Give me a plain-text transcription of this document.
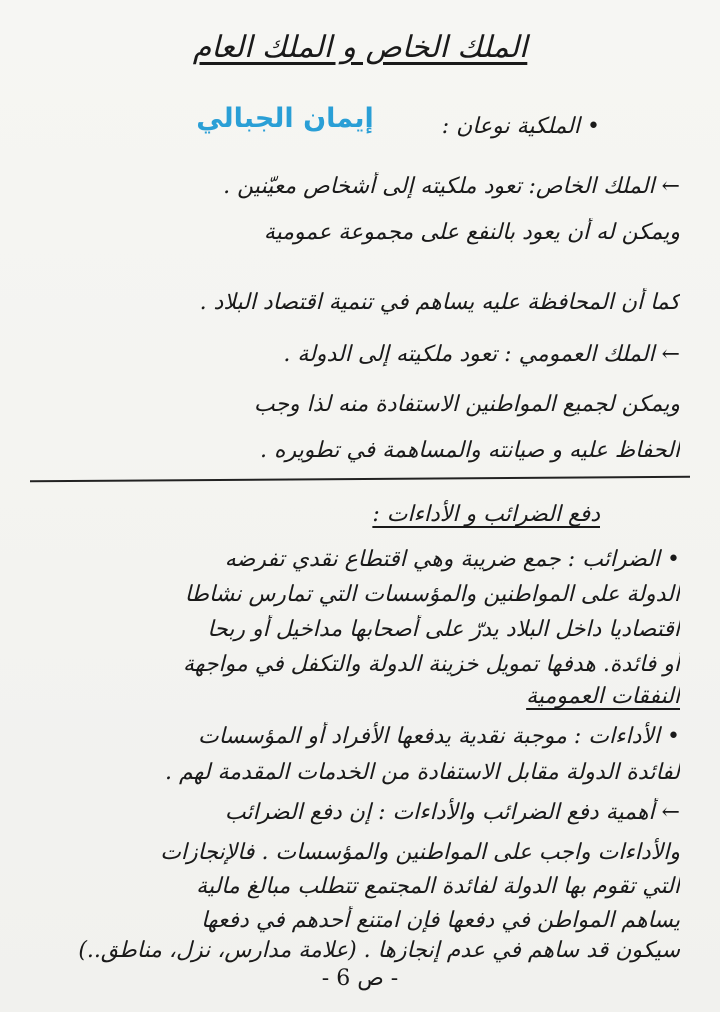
الملك الخاص و الملك العام
إيمان الجبالي	• الملكية نوعان :
← الملك الخاص: تعود ملكيته إلى أشخاص معيّنين .
ويمكن له أن يعود بالنفع على مجموعة عمومية
كما أن المحافظة عليه يساهم في تنمية اقتصاد البلاد .
← الملك العمومي : تعود ملكيته إلى الدولة .
ويمكن لجميع المواطنين الاستفادة منه لذا وجب
الحفاظ عليه و صيانته والمساهمة في تطويره .
دفع الضرائب و الأداءات :
• الضرائب : جمع ضريبة وهي اقتطاع نقدي تفرضه
الدولة على المواطنين والمؤسسات التي تمارس نشاطا
اقتصاديا داخل البلاد يدرّ على أصحابها مداخيل أو ربحا
أو فائدة. هدفها تمويل خزينة الدولة والتكفل في مواجهة
النفقات العمومية
• الأداءات : موجبة نقدية يدفعها الأفراد أو المؤسسات
لفائدة الدولة مقابل الاستفادة من الخدمات المقدمة لهم .
← أهمية دفع الضرائب والأداءات : إن دفع الضرائب
والأداءات واجب على المواطنين والمؤسسات . فالإنجازات
التي تقوم بها الدولة لفائدة المجتمع تتطلب مبالغ مالية
يساهم المواطن في دفعها فإن امتنع أحدهم في دفعها
سيكون قد ساهم في عدم إنجازها . (علامة مدارس، نزل، مناطق..)
- ص 6 -
